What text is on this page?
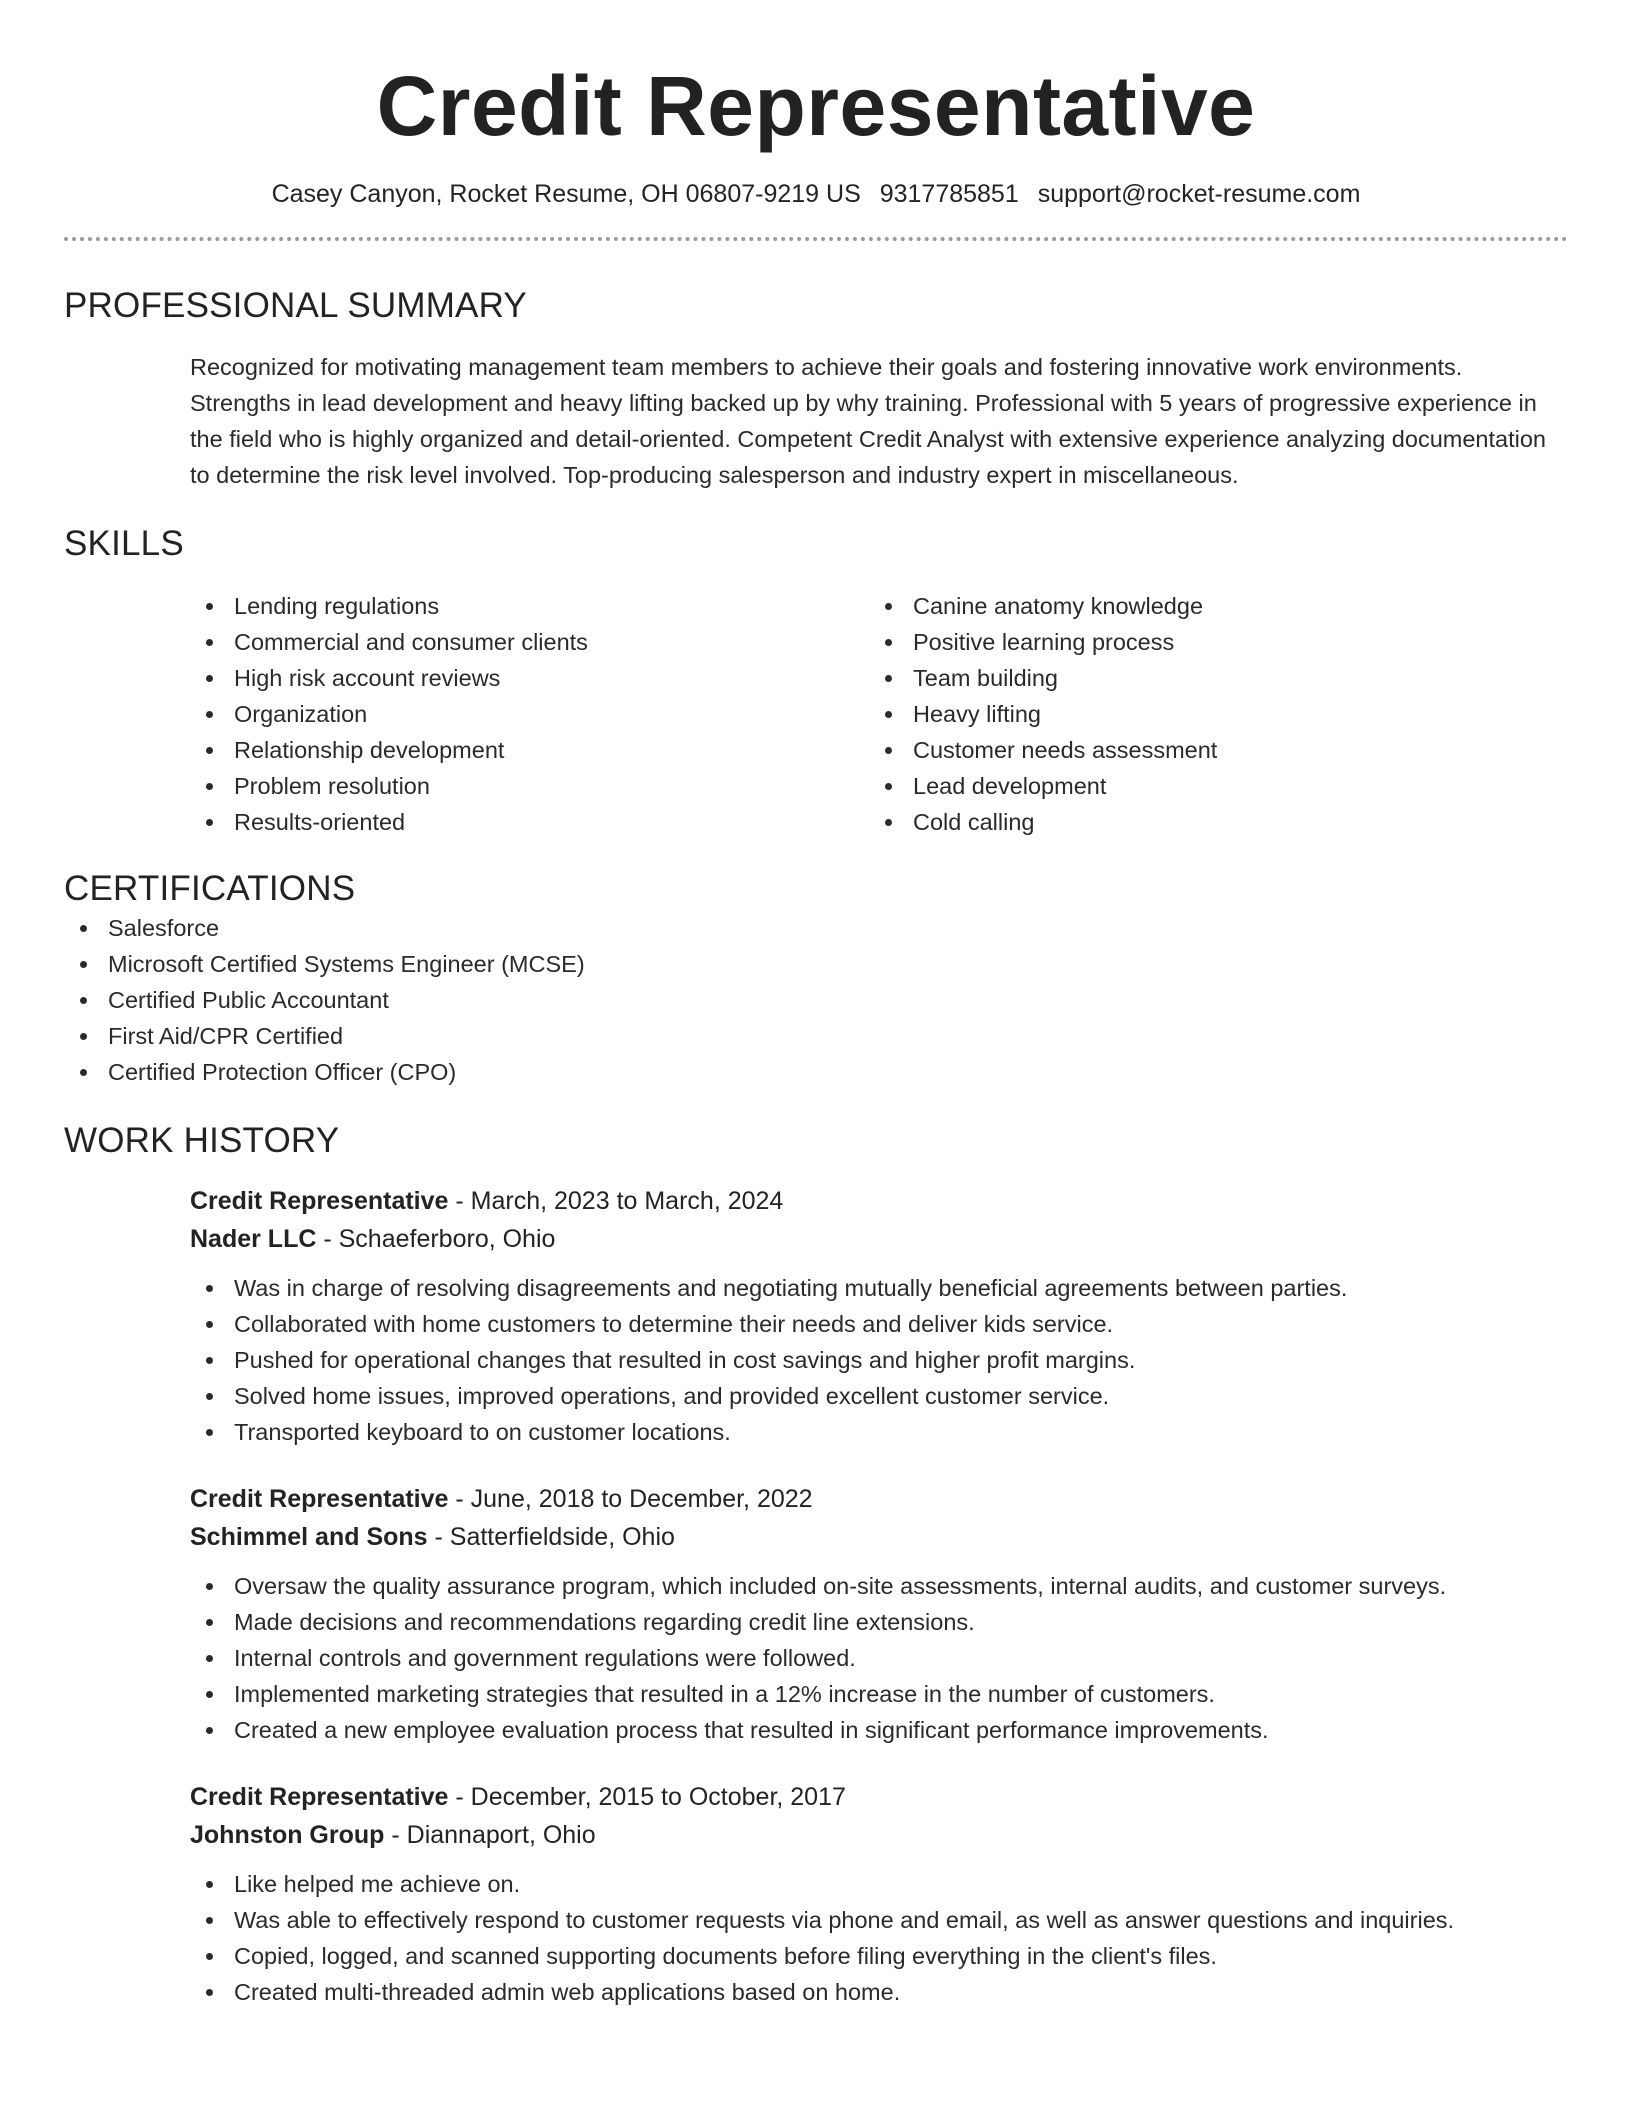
Credit Representative
Casey Canyon, Rocket Resume, OH 06807-9219 US 9317785851 support@rocket-resume.com
PROFESSIONAL SUMMARY
Recognized for motivating management team members to achieve their goals and fostering innovative work environments. Strengths in lead development and heavy lifting backed up by why training. Professional with 5 years of progressive experience in the field who is highly organized and detail-oriented. Competent Credit Analyst with extensive experience analyzing documentation to determine the risk level involved. Top-producing salesperson and industry expert in miscellaneous.
SKILLS
Lending regulations
Commercial and consumer clients
High risk account reviews
Organization
Relationship development
Problem resolution
Results-oriented
Canine anatomy knowledge
Positive learning process
Team building
Heavy lifting
Customer needs assessment
Lead development
Cold calling
CERTIFICATIONS
Salesforce
Microsoft Certified Systems Engineer (MCSE)
Certified Public Accountant
First Aid/CPR Certified
Certified Protection Officer (CPO)
WORK HISTORY
Credit Representative - March, 2023 to March, 2024
Nader LLC - Schaeferboro, Ohio
Was in charge of resolving disagreements and negotiating mutually beneficial agreements between parties.
Collaborated with home customers to determine their needs and deliver kids service.
Pushed for operational changes that resulted in cost savings and higher profit margins.
Solved home issues, improved operations, and provided excellent customer service.
Transported keyboard to on customer locations.
Credit Representative - June, 2018 to December, 2022
Schimmel and Sons - Satterfieldside, Ohio
Oversaw the quality assurance program, which included on-site assessments, internal audits, and customer surveys.
Made decisions and recommendations regarding credit line extensions.
Internal controls and government regulations were followed.
Implemented marketing strategies that resulted in a 12% increase in the number of customers.
Created a new employee evaluation process that resulted in significant performance improvements.
Credit Representative - December, 2015 to October, 2017
Johnston Group - Diannaport, Ohio
Like helped me achieve on.
Was able to effectively respond to customer requests via phone and email, as well as answer questions and inquiries.
Copied, logged, and scanned supporting documents before filing everything in the client's files.
Created multi-threaded admin web applications based on home.
